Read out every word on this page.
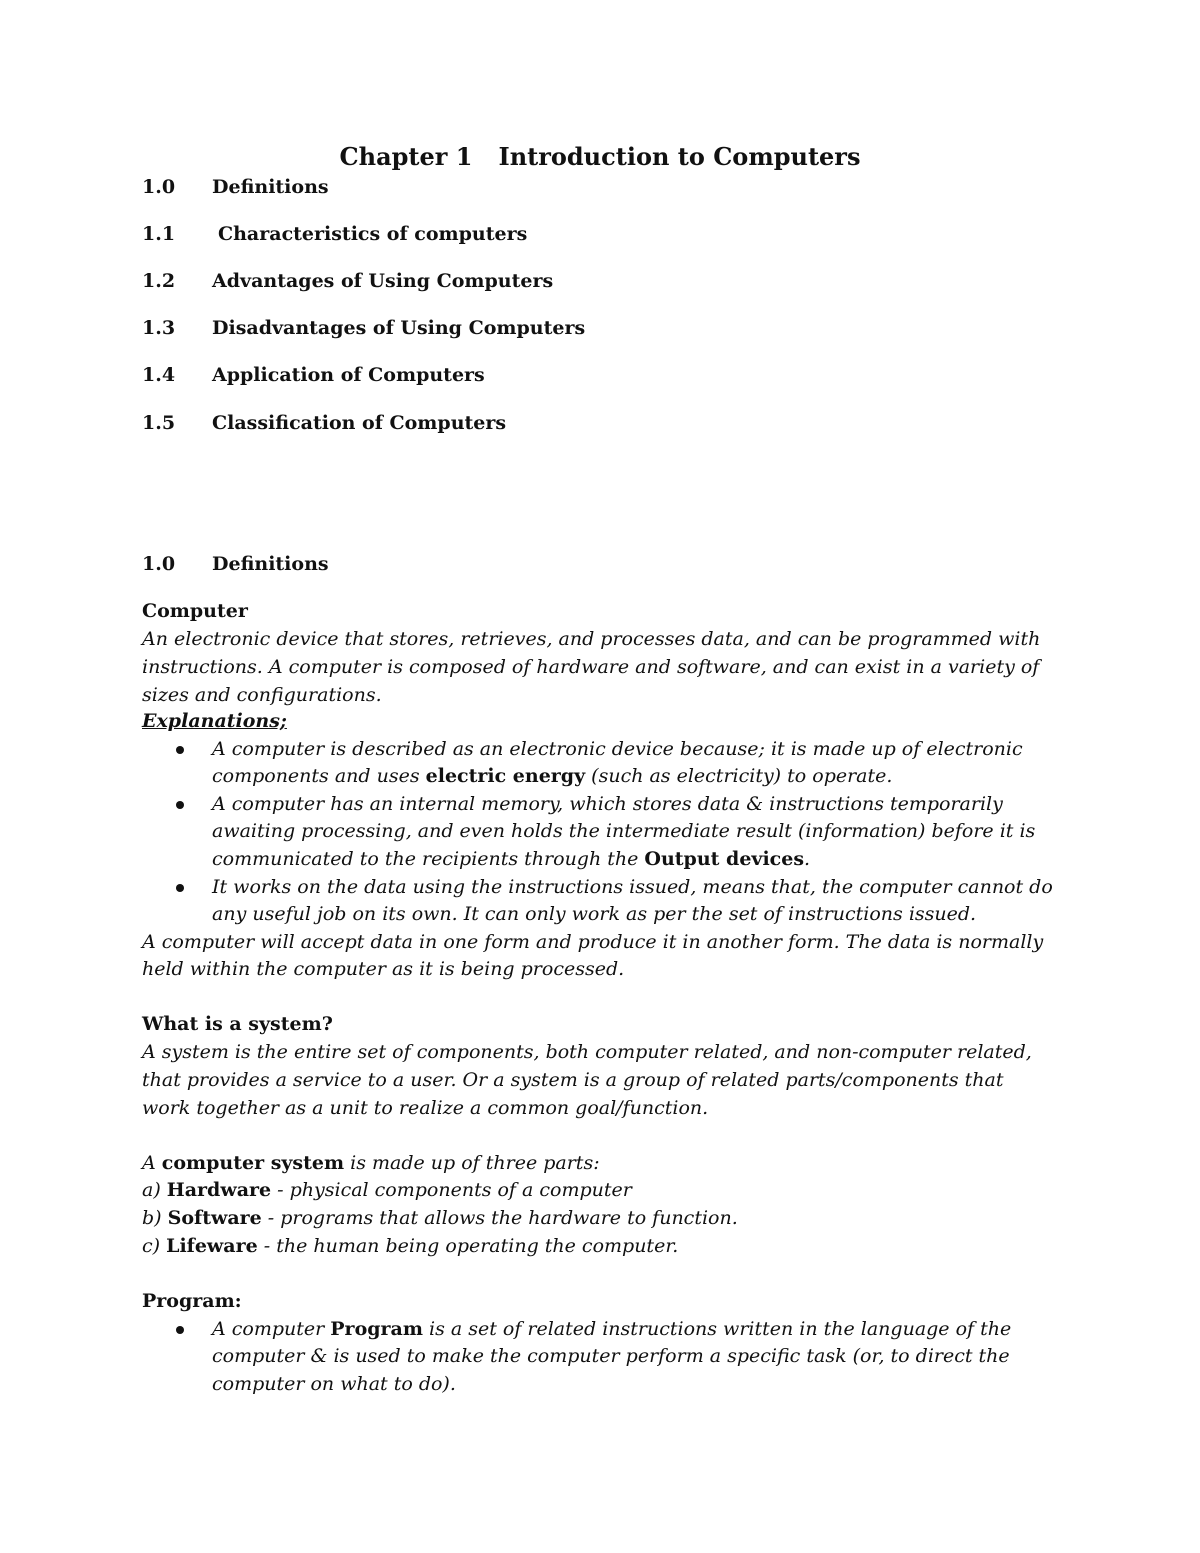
Chapter 1 Introduction to Computers
1.0 Definitions
1.1 Characteristics of computers
1.2 Advantages of Using Computers
1.3 Disadvantages of Using Computers
1.4 Application of Computers
1.5 Classification of Computers
1.0 Definitions
Computer
An electronic device that stores, retrieves, and processes data, and can be programmed with
instructions. A computer is composed of hardware and software, and can exist in a variety of
sizes and configurations.
Explanations;
A computer is described as an electronic device because; it is made up of electronic
components and uses electric energy (such as electricity) to operate.
A computer has an internal memory, which stores data & instructions temporarily
awaiting processing, and even holds the intermediate result (information) before it is
communicated to the recipients through the Output devices.
It works on the data using the instructions issued, means that, the computer cannot do
any useful job on its own. It can only work as per the set of instructions issued.
A computer will accept data in one form and produce it in another form. The data is normally
held within the computer as it is being processed.
What is a system?
A system is the entire set of components, both computer related, and non-computer related,
that provides a service to a user. Or a system is a group of related parts/components that
work together as a unit to realize a common goal/function.
A computer system is made up of three parts:
a) Hardware - physical components of a computer
b) Software - programs that allows the hardware to function.
c) Lifeware - the human being operating the computer.
Program:
A computer Program is a set of related instructions written in the language of the
computer & is used to make the computer perform a specific task (or, to direct the
computer on what to do).
